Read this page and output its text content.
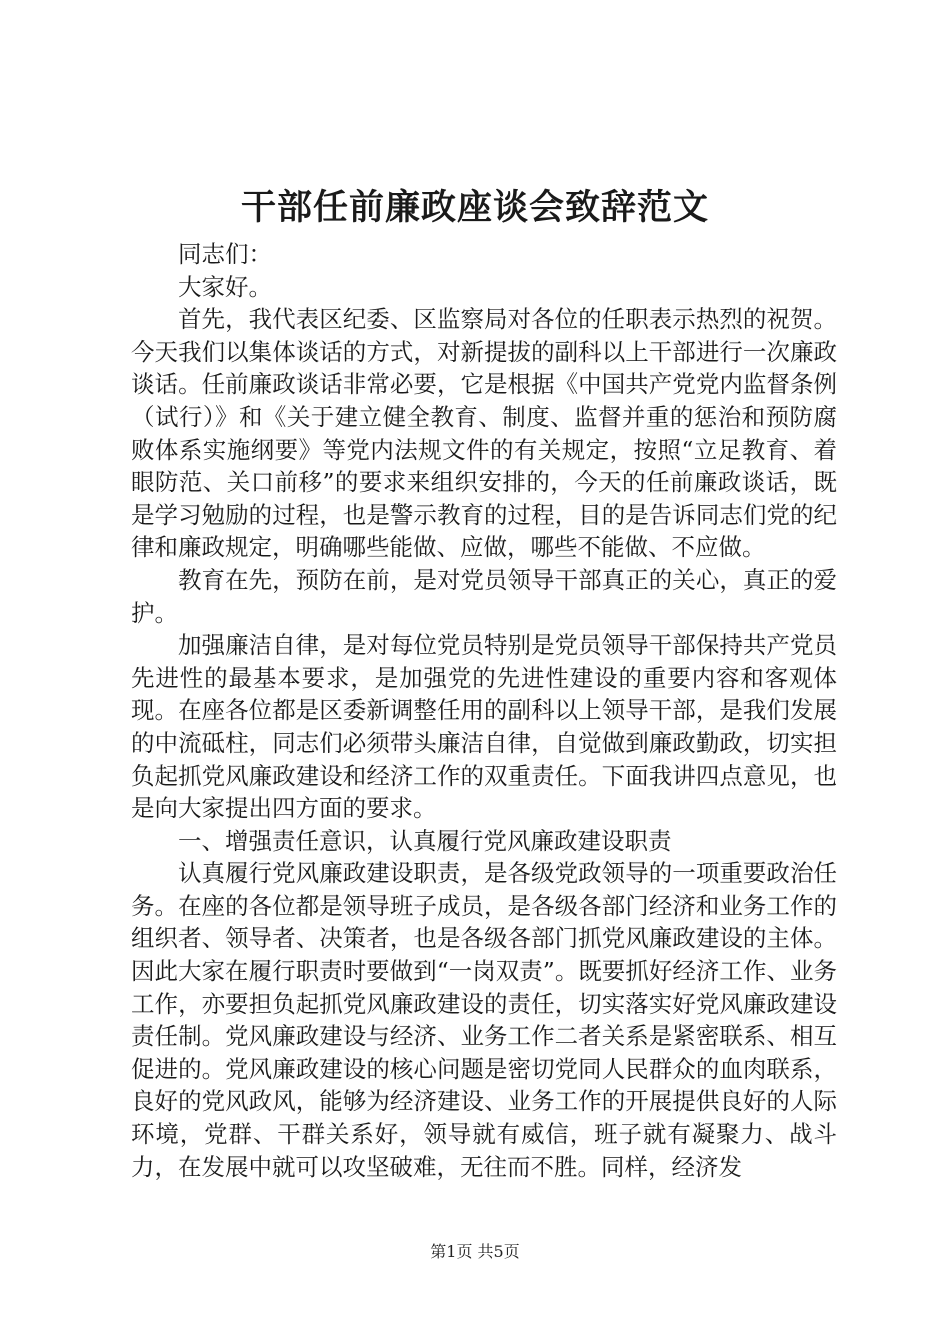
干部任前廉政座谈会致辞范文

同志们：

大家好。

首先，我代表区纪委、区监察局对各位的任职表示热烈的祝贺。今天我们以集体谈话的方式，对新提拔的副科以上干部进行一次廉政谈话。任前廉政谈话非常必要，它是根据《中国共产党党内监督条例（试行）》和《关于建立健全教育、制度、监督并重的惩治和预防腐败体系实施纲要》等党内法规文件的有关规定，按照“立足教育、着眼防范、关口前移”的要求来组织安排的，今天的任前廉政谈话，既是学习勉励的过程，也是警示教育的过程，目的是告诉同志们党的纪律和廉政规定，明确哪些能做、应做，哪些不能做、不应做。

教育在先，预防在前，是对党员领导干部真正的关心，真正的爱护。

加强廉洁自律，是对每位党员特别是党员领导干部保持共产党员先进性的最基本要求，是加强党的先进性建设的重要内容和客观体现。在座各位都是区委新调整任用的副科以上领导干部，是我们发展的中流砥柱，同志们必须带头廉洁自律，自觉做到廉政勤政，切实担负起抓党风廉政建设和经济工作的双重责任。下面我讲四点意见，也是向大家提出四方面的要求。

一、增强责任意识，认真履行党风廉政建设职责

认真履行党风廉政建设职责，是各级党政领导的一项重要政治任务。在座的各位都是领导班子成员，是各级各部门经济和业务工作的组织者、领导者、决策者，也是各级各部门抓党风廉政建设的主体。因此大家在履行职责时要做到“一岗双责”。既要抓好经济工作、业务工作，亦要担负起抓党风廉政建设的责任，切实落实好党风廉政建设责任制。党风廉政建设与经济、业务工作二者关系是紧密联系、相互促进的。党风廉政建设的核心问题是密切党同人民群众的血肉联系，良好的党风政风，能够为经济建设、业务工作的开展提供良好的人际环境，党群、干群关系好，领导就有威信，班子就有凝聚力、战斗力，在发展中就可以攻坚破难，无往而不胜。同样，经济发

第1页 共5页
